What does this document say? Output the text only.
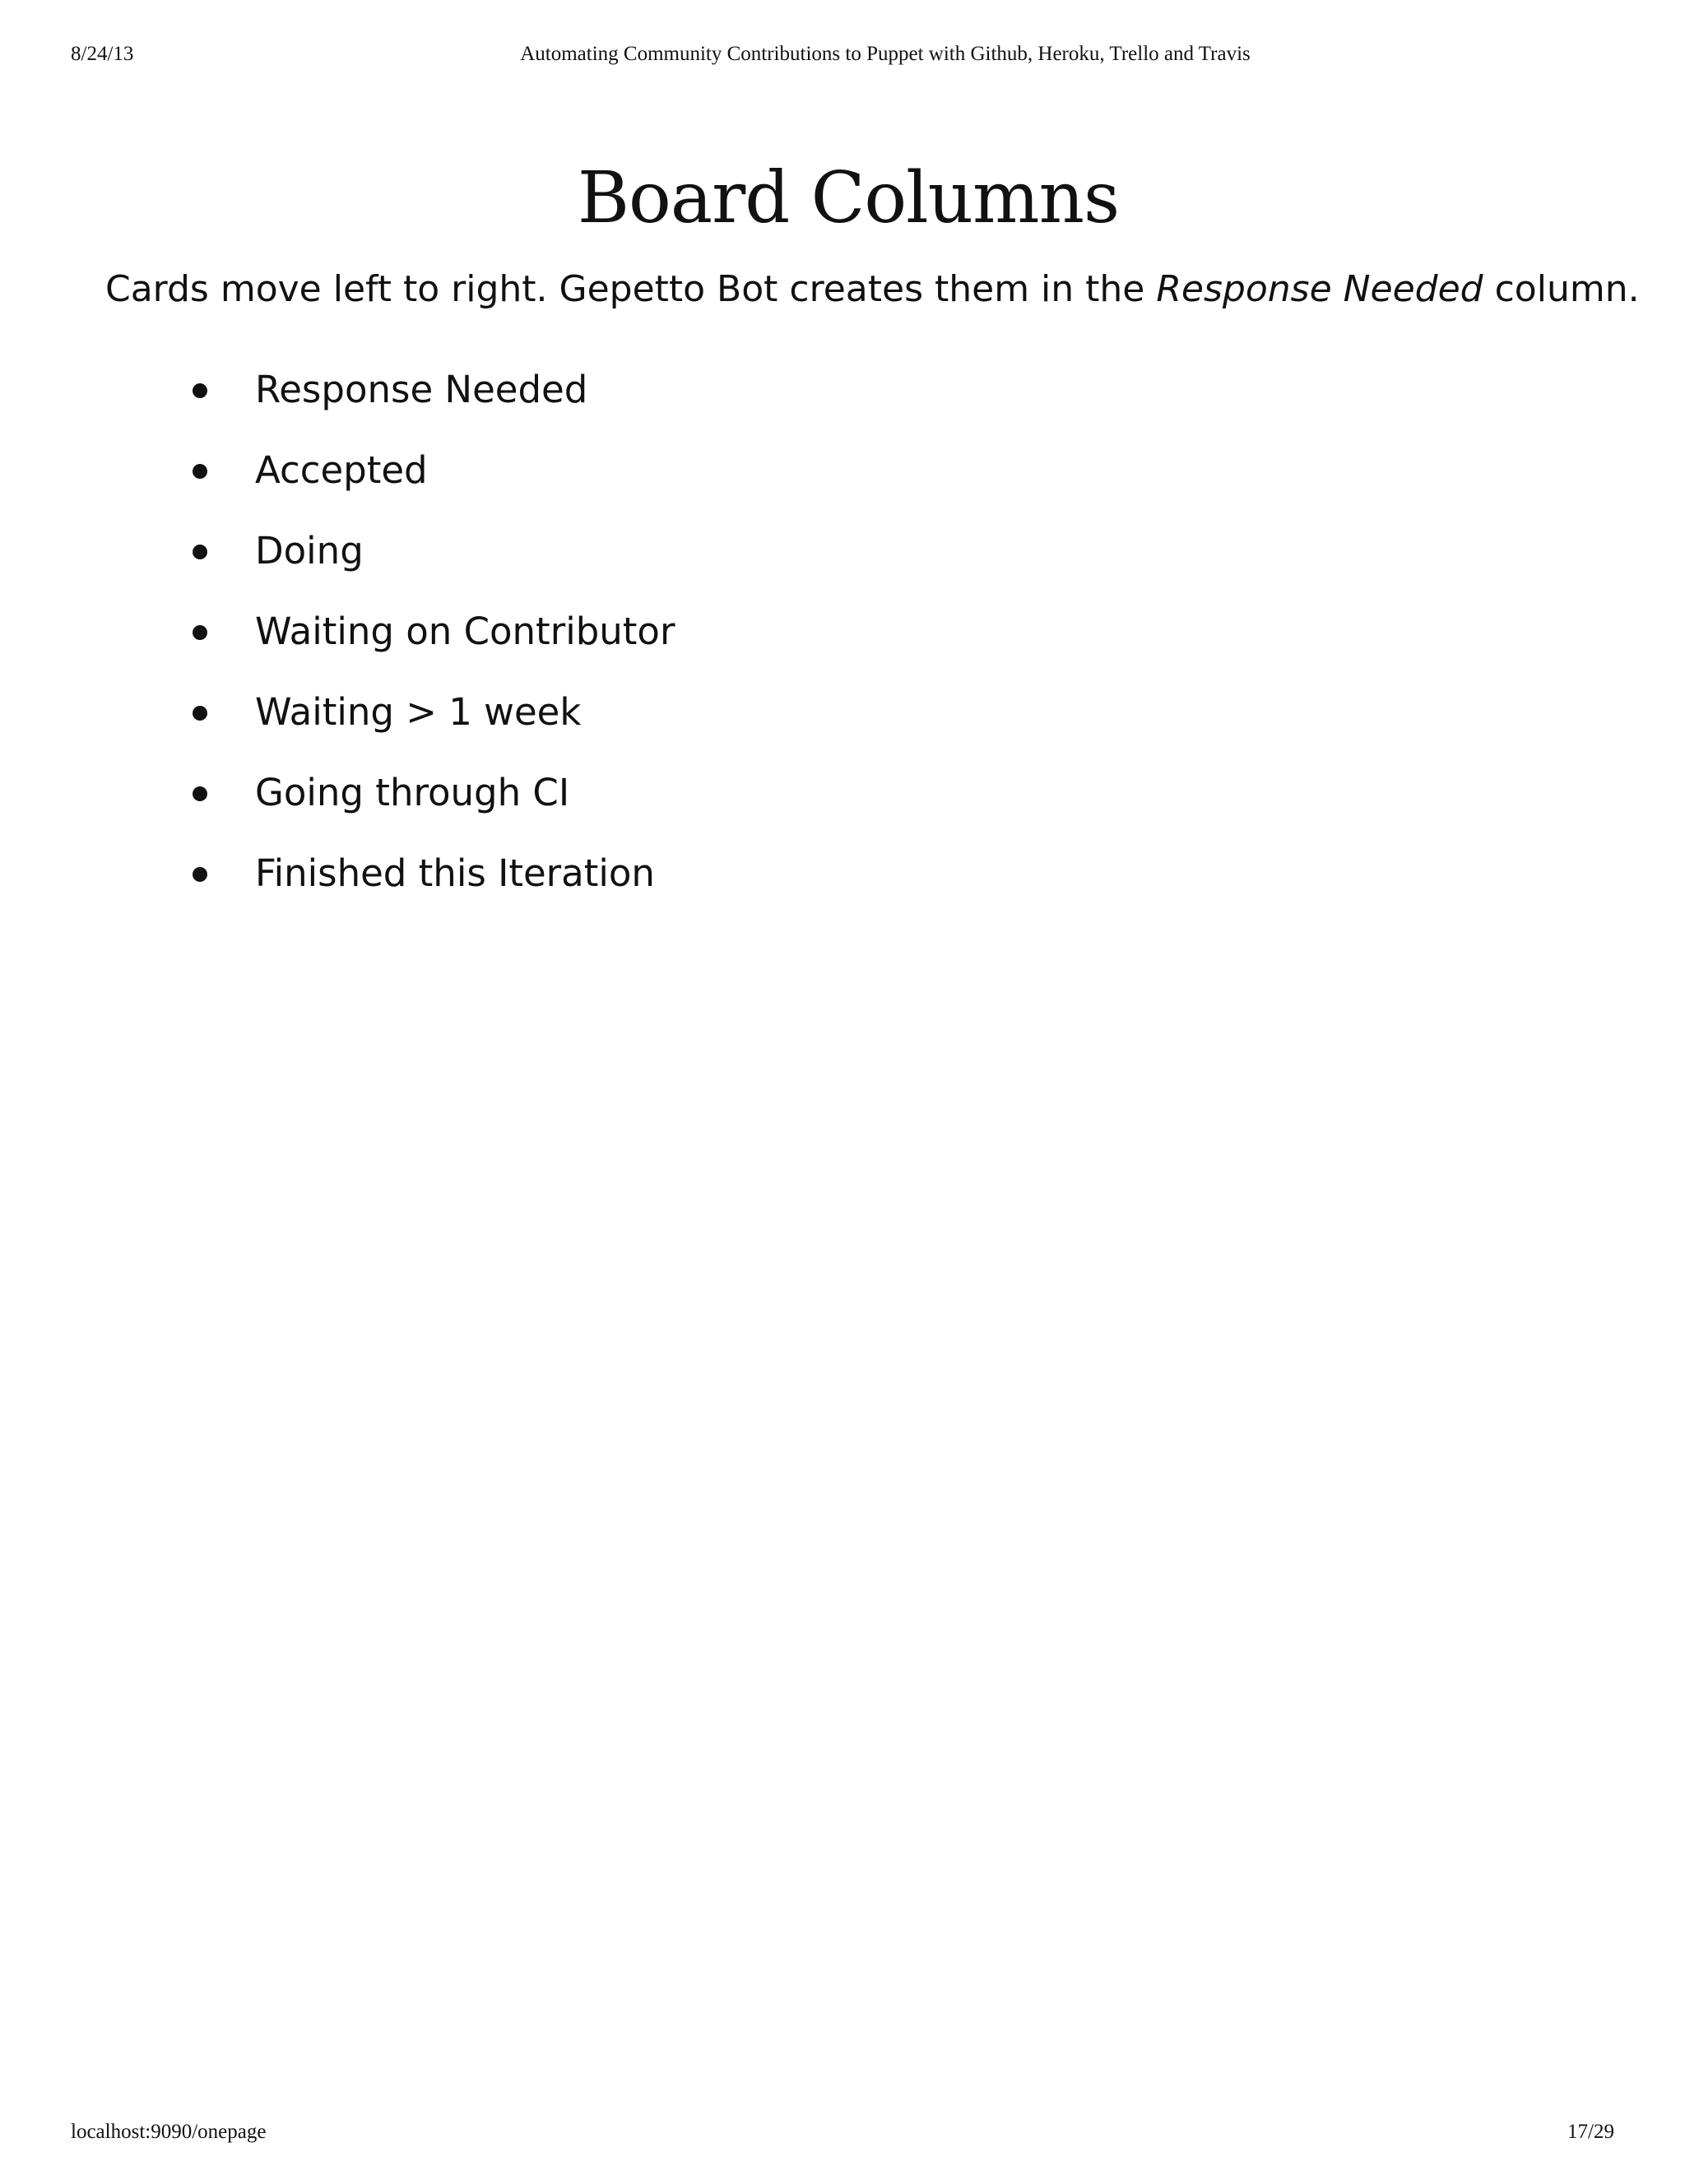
8/24/13	Automating Community Contributions to Puppet with Github, Heroku, Trello and Travis
Board Columns

Cards move left to right. Gepetto Bot creates them in the Response Needed column.

Response Needed
Accepted
Doing
Waiting on Contributor
Waiting > 1 week
Going through CI
Finished this Iteration
localhost:9090/onepage	17/29
